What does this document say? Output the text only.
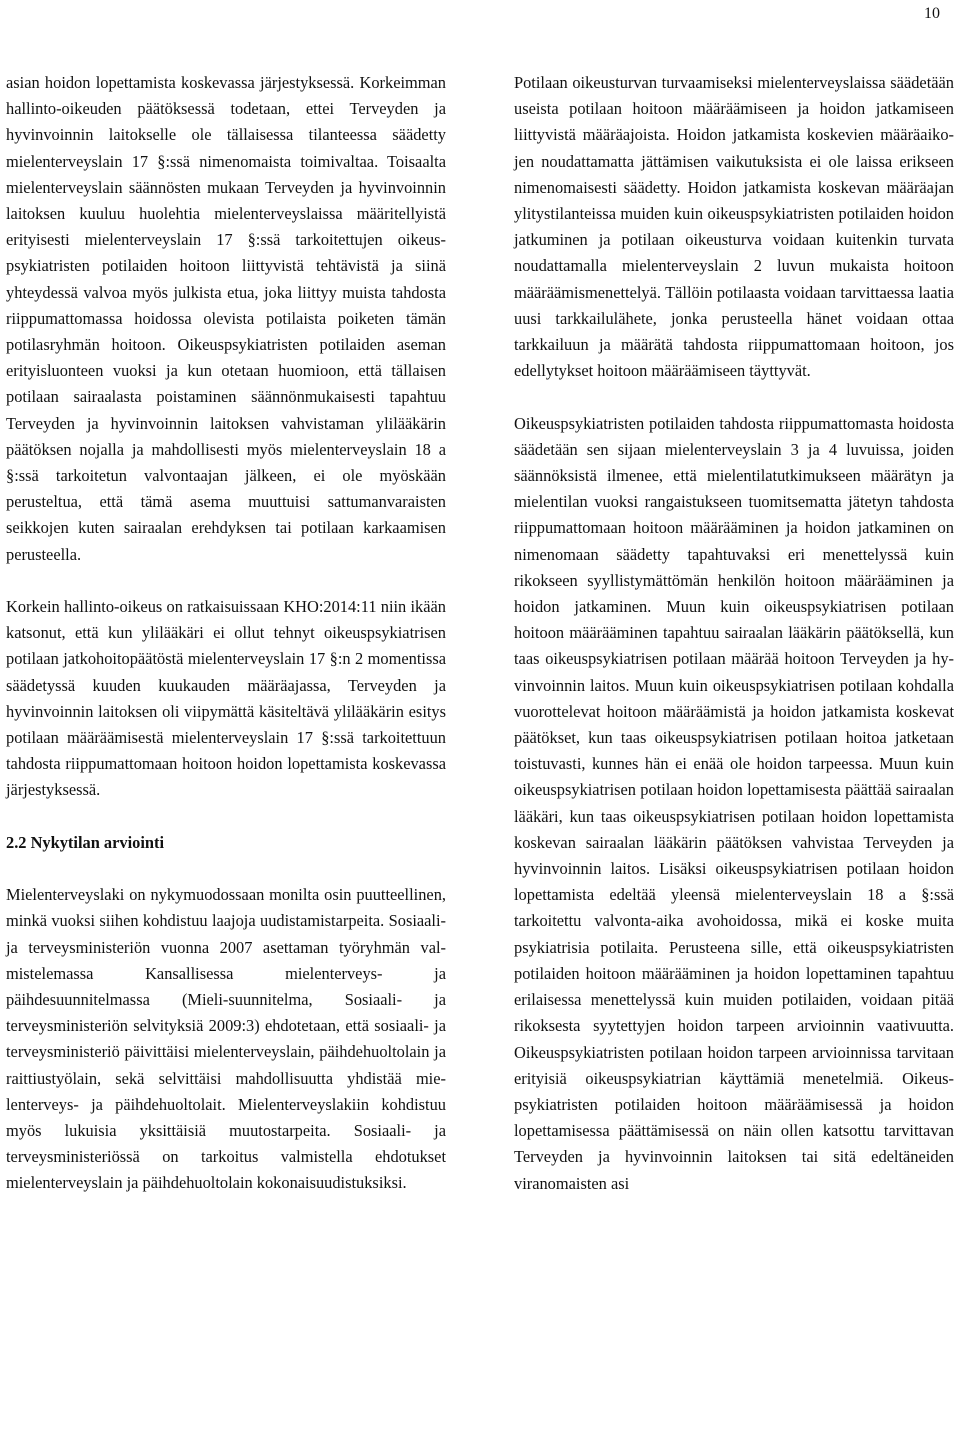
10

asian hoidon lopettamista koskevassa järjestyksessä. Korkeimman hallinto-oikeuden päätöksessä todetaan, ettei Terveyden ja hyvinvoinnin laitokselle ole tällaisessa tilanteessa säädetty mielenterveyslain 17 §:ssä nimenomaista toimivaltaa. Toisaalta mielenterveyslain säännösten mukaan Terveyden ja hyvinvoinnin laitoksen kuuluu huolehtia mielenterveyslaissa määritellyistä erityisesti mielenterveyslain 17 §:ssä tarkoitettujen oikeuspsykiatristen potilaiden hoitoon liittyvistä tehtävistä ja siinä yhteydessä valvoa myös julkista etua, joka liittyy muista tahdosta riippumattomassa hoidossa olevista potilaista poiketen tämän potilasryhmän hoitoon. Oikeuspsykiatristen potilaiden aseman erityisluonteen vuoksi ja kun otetaan huomioon, että tällaisen potilaan sairaalasta poistaminen säännönmukaisesti tapahtuu Terveyden ja hyvinvoinnin laitoksen vahvistaman ylilääkärin päätöksen nojalla ja mahdollisesti myös mielenterveyslain 18 a §:ssä tarkoitetun valvontaajan jälkeen, ei ole myöskään perusteltua, että tämä asema muuttuisi sattumanvaraisten seikkojen kuten sairaalan erehdyksen tai potilaan karkaamisen perusteella.

Korkein hallinto-oikeus on ratkaisuissaan KHO:2014:11 niin ikään katsonut, että kun ylilääkäri ei ollut tehnyt oikeuspsykiatrisen potilaan jatkohoitopäätöstä mielenterveyslain 17 §:n 2 momentissa säädetyssä kuuden kuukauden määräajassa, Terveyden ja hyvinvoinnin laitoksen oli viipymättä käsiteltävä ylilääkärin esitys potilaan määräämisestä mielenterveyslain 17 §:ssä tarkoitettuun tahdosta riippumattomaan hoitoon hoidon lopettamista koskevassa järjestyksessä.

2.2 Nykytilan arviointi

Mielenterveyslaki on nykymuodossaan monilta osin puutteellinen, minkä vuoksi siihen kohdistuu laajoja uudistamistarpeita. Sosiaali- ja terveysministeriön vuonna 2007 asettaman työryhmän valmistelemassa Kansallisessa mielenterveys- ja päihdesuunnitelmassa (Mieli-suunnitelma, Sosiaali- ja terveysministeriön selvityksiä 2009:3) ehdotetaan, että sosiaali- ja terveysministeriö päivittäisi mielenterveyslain, päihdehuoltolain ja raittiustyölain, sekä selvittäisi mahdollisuutta yhdistää mielenterveys- ja päihdehuoltolait. Mielenterveyslakiin kohdistuu myös lukuisia yksittäisiä muutostarpeita. Sosiaali- ja terveysministeriössä on tarkoitus valmistella ehdotukset mielenterveyslain ja päihdehuoltolain kokonaisuudistuksiksi.

Potilaan oikeusturvan turvaamiseksi mielenterveyslaissa säädetään useista potilaan hoitoon määräämiseen ja hoidon jatkamiseen liittyvistä määräajoista. Hoidon jatkamista koskevien määräaikojen noudattamatta jättämisen vaikutuksista ei ole laissa erikseen nimenomaisesti säädetty. Hoidon jatkamista koskevan määräajan ylitystilanteissa muiden kuin oikeuspsykiatristen potilaiden hoidon jatkuminen ja potilaan oikeusturva voidaan kuitenkin turvata noudattamalla mielenterveyslain 2 luvun mukaista hoitoon määräämismenettelyä. Tällöin potilaasta voidaan tarvittaessa laatia uusi tarkkailulähete, jonka perusteella hänet voidaan ottaa tarkkailuun ja määrätä tahdosta riippumattomaan hoitoon, jos edellytykset hoitoon määräämiseen täyttyvät.

Oikeuspsykiatristen potilaiden tahdosta riippumattomasta hoidosta säädetään sen sijaan mielenterveyslain 3 ja 4 luvuissa, joiden säännöksistä ilmenee, että mielentilatutkimukseen määrätyn ja mielentilan vuoksi rangaistukseen tuomitsematta jätetyn tahdosta riippumattomaan hoitoon määrääminen ja hoidon jatkaminen on nimenomaan säädetty tapahtuvaksi eri menettelyssä kuin rikokseen syyllistymättömän henkilön hoitoon määrääminen ja hoidon jatkaminen. Muun kuin oikeuspsykiatrisen potilaan hoitoon määrääminen tapahtuu sairaalan lääkärin päätöksellä, kun taas oikeuspsykiatrisen potilaan määrää hoitoon Terveyden ja hyvinvoinnin laitos. Muun kuin oikeuspsykiatrisen potilaan kohdalla vuorottelevat hoitoon määräämistä ja hoidon jatkamista koskevat päätökset, kun taas oikeuspsykiatrisen potilaan hoitoa jatketaan toistuvasti, kunnes hän ei enää ole hoidon tarpeessa. Muun kuin oikeuspsykiatrisen potilaan hoidon lopettamisesta päättää sairaalan lääkäri, kun taas oikeuspsykiatrisen potilaan hoidon lopettamista koskevan sairaalan lääkärin päätöksen vahvistaa Terveyden ja hyvinvoinnin laitos. Lisäksi oikeuspsykiatrisen potilaan hoidon lopettamista edeltää yleensä mielenterveyslain 18 a §:ssä tarkoitettu valvonta-aika avohoidossa, mikä ei koske muita psykiatrisia potilaita. Perusteena sille, että oikeuspsykiatristen potilaiden hoitoon määrääminen ja hoidon lopettaminen tapahtuu erilaisessa menettelyssä kuin muiden potilaiden, voidaan pitää rikoksesta syytettyjen hoidon tarpeen arvioinnin vaativuutta. Oikeuspsykiatristen potilaan hoidon tarpeen arvioinnissa tarvitaan erityisiä oikeuspsykiatrian käyttämiä menetelmiä. Oikeuspsykiatristen potilaiden hoitoon määräämisessä ja hoidon lopettamisessa päättämisessä on näin ollen katsottu tarvittavan Terveyden ja hyvinvoinnin laitoksen tai sitä edeltäneiden viranomaisten asi
